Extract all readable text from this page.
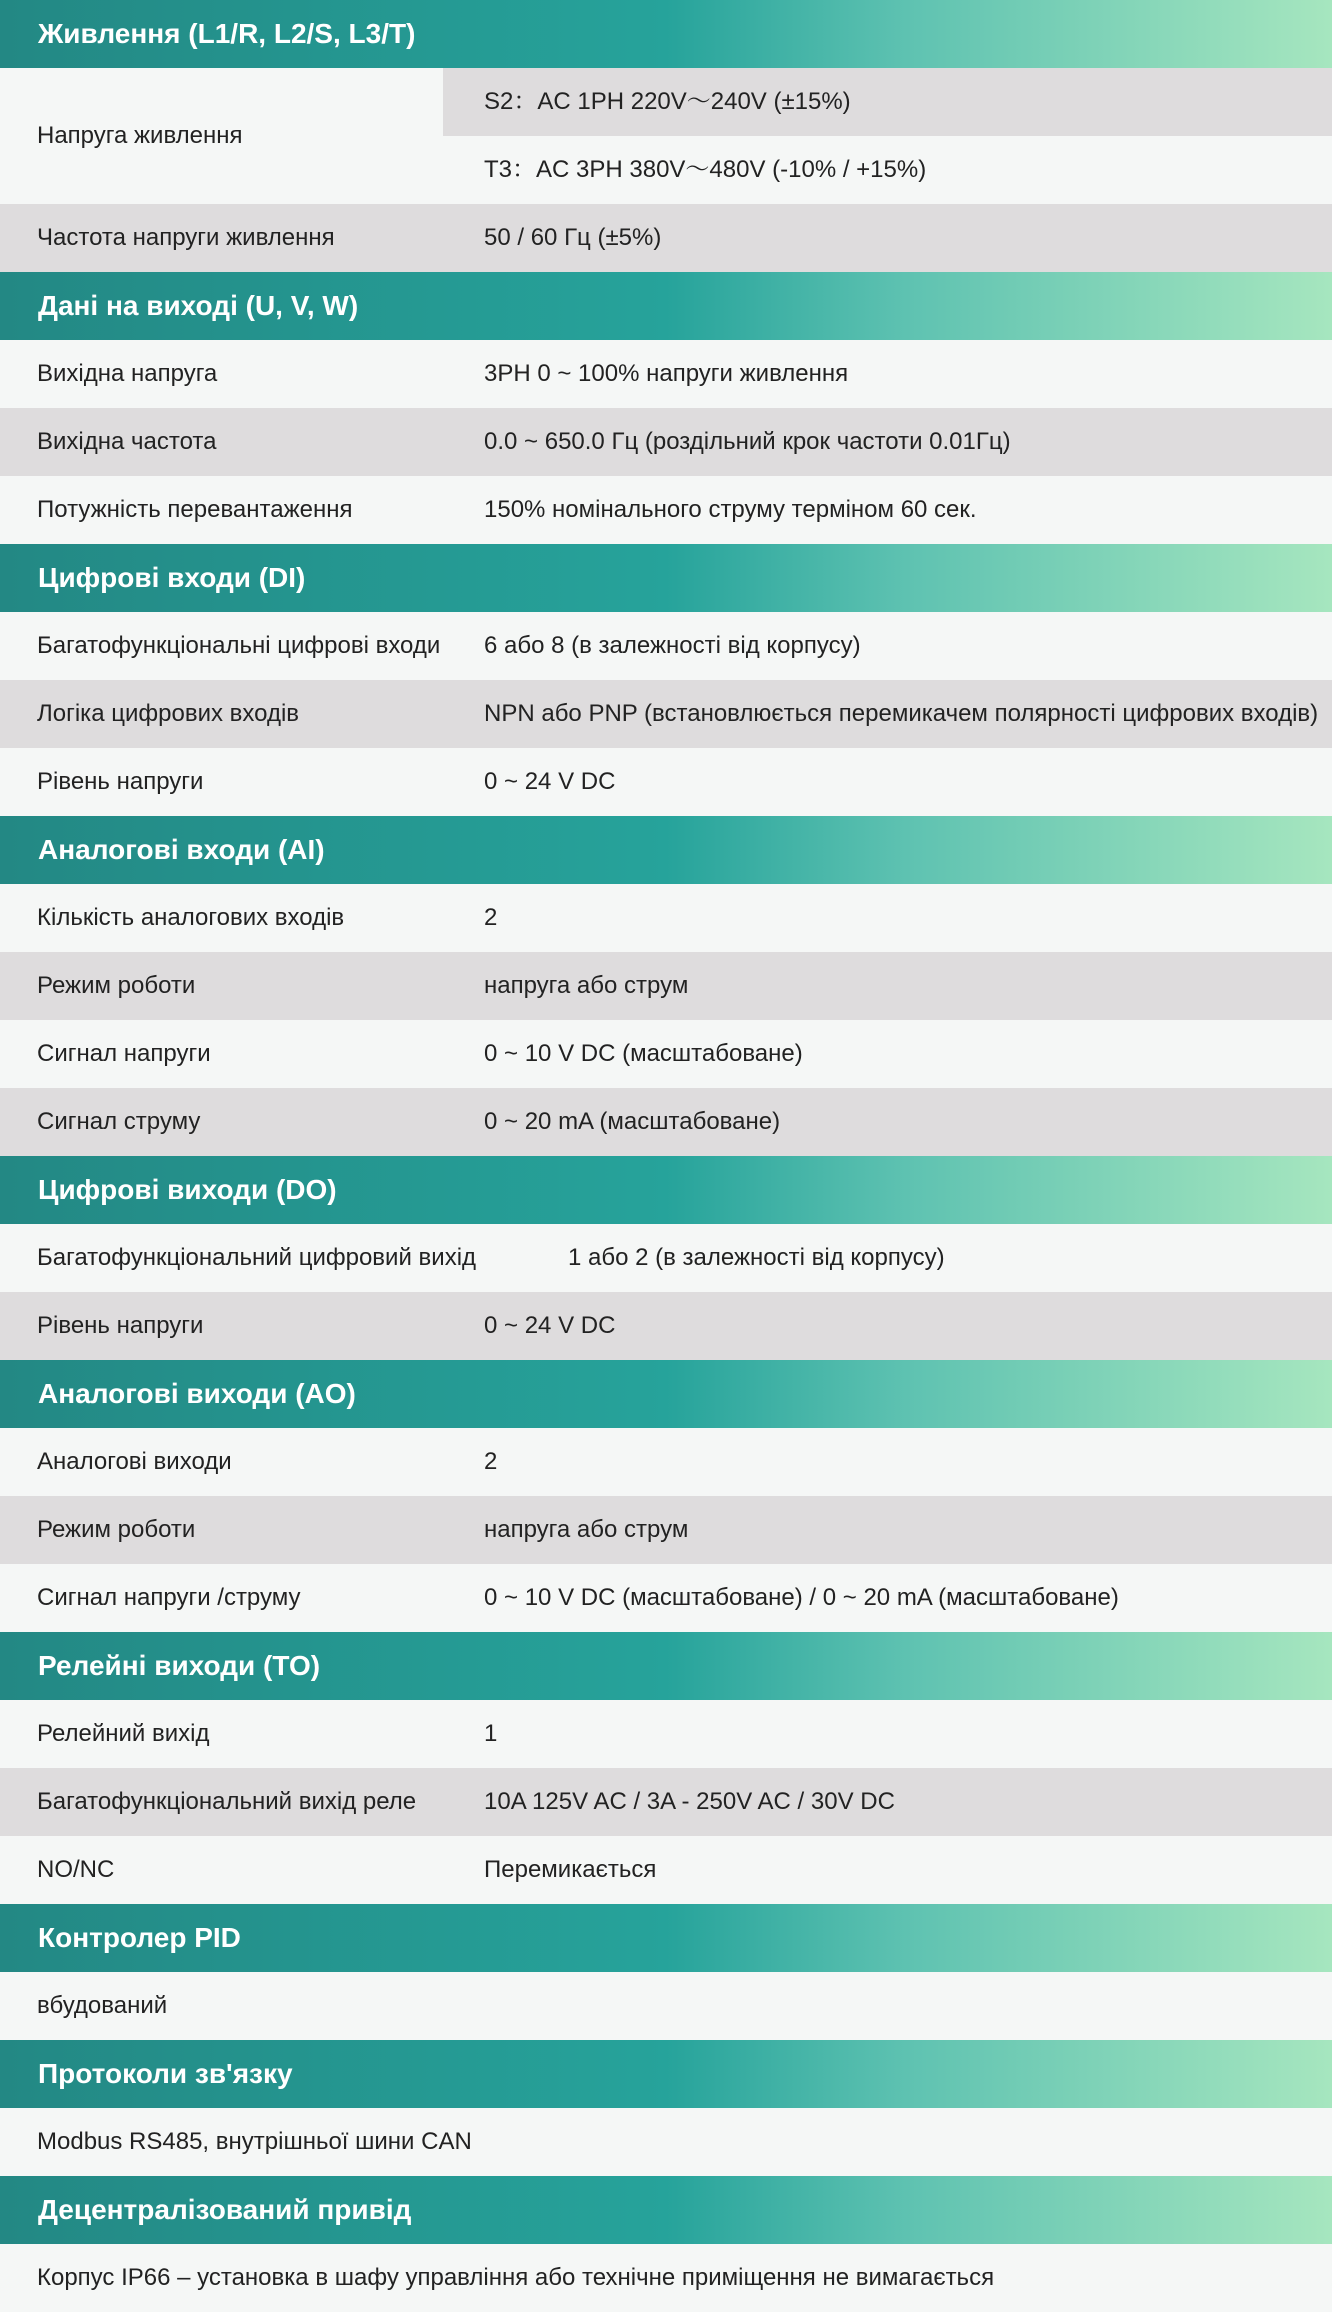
Живлення (L1/R, L2/S, L3/T)
Напруга живлення
S2：AC 1PH 220V～240V (±15%)
T3：AC 3PH 380V～480V (-10% / +15%)
Частота напруги живлення	50 / 60 Гц (±5%)
Дані на виході (U, V, W)
Вихідна напруга	3PH 0 ~ 100% напруги живлення
Вихідна частота	0.0 ~ 650.0 Гц (роздільний крок частоти 0.01Гц)
Потужність перевантаження	150% номінального струму терміном 60 сек.
Цифрові входи (DI)
Багатофункціональні цифрові входи 6 або 8 (в залежності від корпусу)
Логіка цифрових входів	NPN або PNP (встановлюється перемикачем полярності цифрових входів)
Рівень напруги	0 ~ 24 V DC
Аналогові входи (AI)
Кількість аналогових входів	2
Режим роботи	напруга або струм
Сигнал напруги	0 ~ 10 V DC (масштабоване)
Сигнал струму	0 ~ 20 mA (масштабоване)
Цифрові виходи (DO)
Багатофункціональний цифровий вихід	1 або 2 (в залежності від корпусу)
Рівень напруги	0 ~ 24 V DC
Аналогові виходи (AO)
Аналогові виходи	2
Режим роботи	напруга або струм
Сигнал напруги /струму	0 ~ 10 V DC (масштабоване) / 0 ~ 20 mA (масштабоване)
Релейні виходи (TO)
Релейний вихід	1
Багатофункціональний вихід реле	10A 125V AC / 3A - 250V AC / 30V DC
NO/NC	Перемикається
Контролер PID
вбудований
Протоколи зв'язку
Modbus RS485, внутрішньої шини CAN
Децентралізований привід
Корпус IP66 – установка в шафу управління або технічне приміщення не вимагається
